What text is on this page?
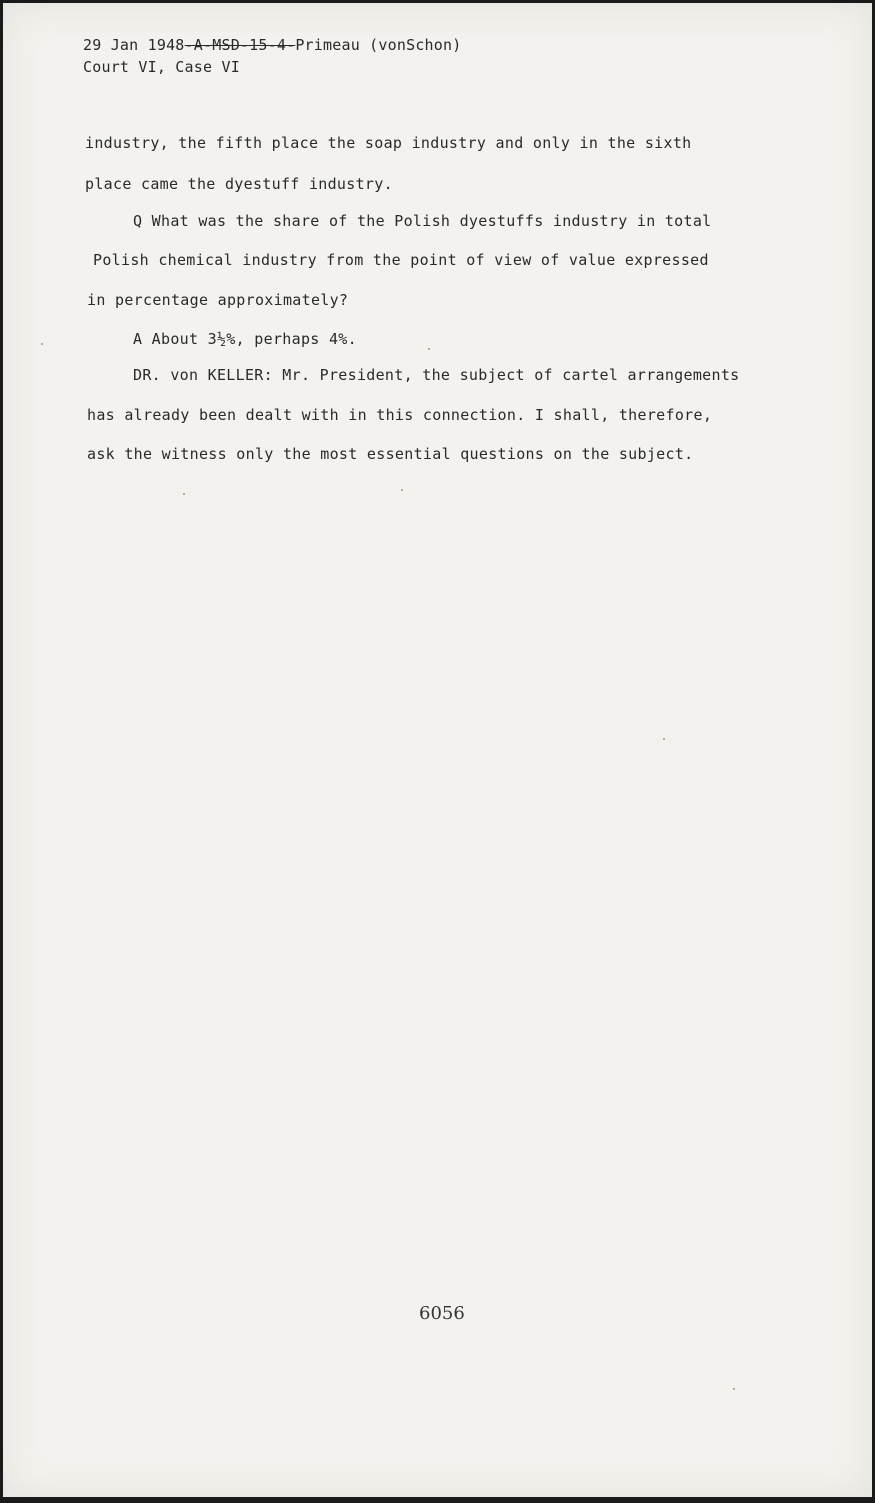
29 Jan 1948-A-MSD-15-4-Primeau (vonSchon)
Court VI, Case VI
industry, the fifth place the soap industry and only in the sixth
place came the dyestuff industry.
Q What was the share of the Polish dyestuffs industry in total
Polish chemical industry from the point of view of value expressed
in percentage approximately?
A About 3½%, perhaps 4%.
DR. von KELLER: Mr. President, the subject of cartel arrangements
has already been dealt with in this connection. I shall, therefore,
ask the witness only the most essential questions on the subject.
6056
